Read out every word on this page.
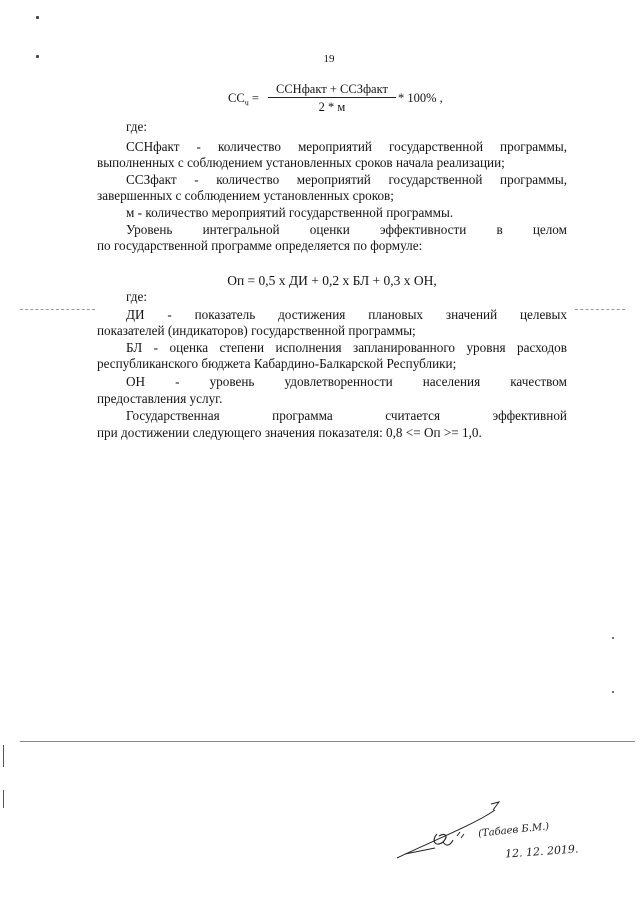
19
$СС_ч$ =
ССНфакт + ССЗфакт
2 * м
* 100% ,
где:
ССНфакт - количество мероприятий государственной программы,
выполненных с соблюдением установленных сроков начала реализации;
ССЗфакт - количество мероприятий государственной программы,
завершенных с соблюдением установленных сроков;
м - количество мероприятий государственной программы.
Уровень интегральной оценки эффективности в целом
по государственной программе определяется по формуле:
Оп = 0,5 х ДИ + 0,2 х БЛ + 0,3 х ОН,
где:
ДИ - показатель достижения плановых значений целевых
показателей (индикаторов) государственной программы;
БЛ - оценка степени исполнения запланированного уровня расходов
республиканского бюджета Кабардино-Балкарской Республики;
ОН - уровень удовлетворенности населения качеством
предоставления услуг.
Государственная программа считается эффективной
при достижении следующего значения показателя: 0,8 <= Оп >= 1,0.
(Табаев Б.М.)
12. 12. 2019.
